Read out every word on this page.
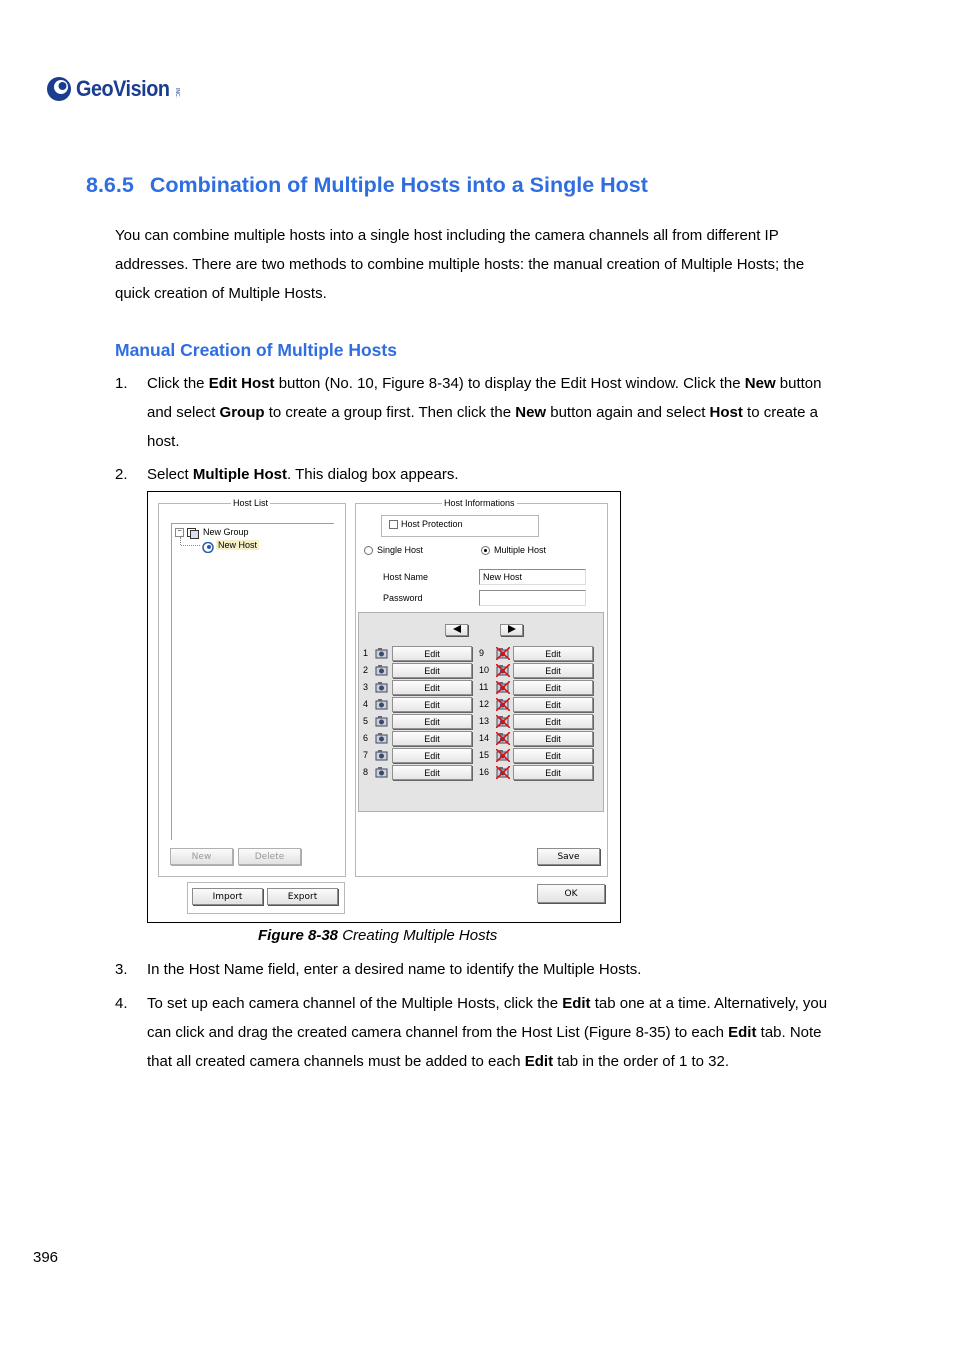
GeoVision INC.
8.6.5 Combination of Multiple Hosts into a Single Host
You can combine multiple hosts into a single host including the camera channels all from different IP addresses. There are two methods to combine multiple hosts: the manual creation of Multiple Hosts; the quick creation of Multiple Hosts.
Manual Creation of Multiple Hosts
1.	Click the Edit Host button (No. 10, Figure 8-34) to display the Edit Host window. Click the New button and select Group to create a group first. Then click the New button again and select Host to create a host.
2.	Select Multiple Host. This dialog box appears.
Host List
− New Group
New Host
New	Delete
Import	Export
Host Informations
Host Protection
Single Host	Multiple Host
Host Name	New Host
Password
1	Edit
2	Edit
3	Edit
4	Edit
5	Edit
6	Edit
7	Edit
8	Edit
9	Edit
10	Edit
11	Edit
12	Edit
13	Edit
14	Edit
15	Edit
16	Edit
Save
OK
Figure 8-38 Creating Multiple Hosts
3.	In the Host Name field, enter a desired name to identify the Multiple Hosts.
4.	To set up each camera channel of the Multiple Hosts, click the Edit tab one at a time. Alternatively, you can click and drag the created camera channel from the Host List (Figure 8-35) to each Edit tab. Note that all created camera channels must be added to each Edit tab in the order of 1 to 32.
396
